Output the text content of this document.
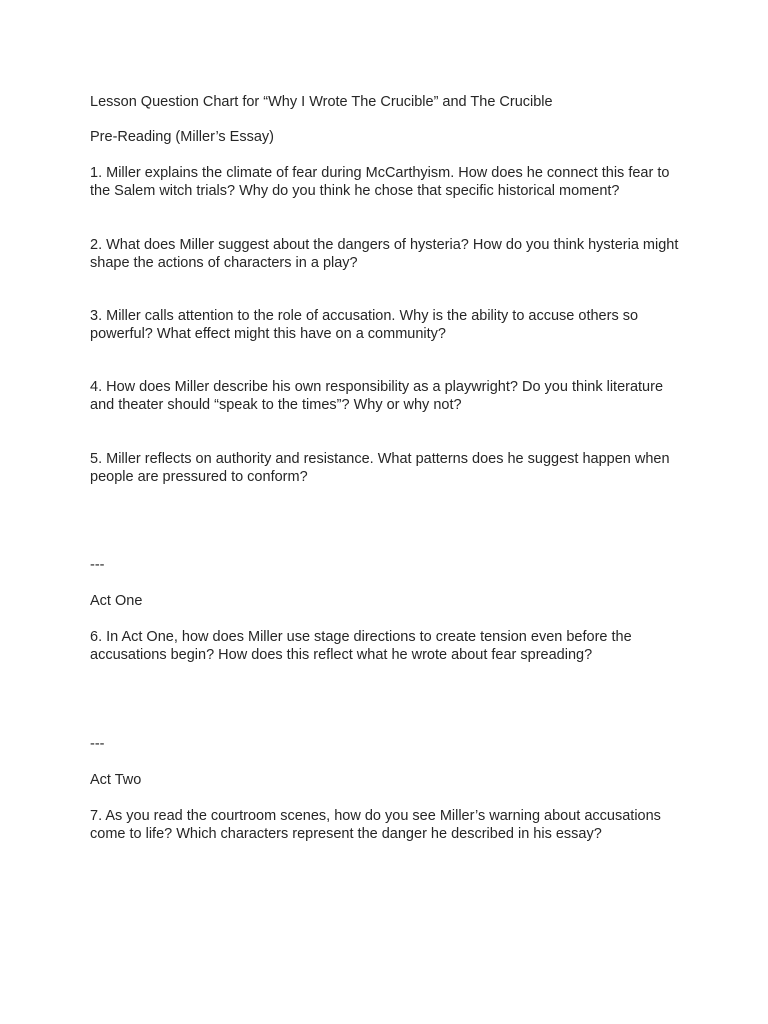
Lesson Question Chart for “Why I Wrote The Crucible” and The Crucible

Pre-Reading (Miller’s Essay)

1. Miller explains the climate of fear during McCarthyism. How does he connect this fear to the Salem witch trials? Why do you think he chose that specific historical moment?

2. What does Miller suggest about the dangers of hysteria? How do you think hysteria might shape the actions of characters in a play?

3. Miller calls attention to the role of accusation. Why is the ability to accuse others so powerful? What effect might this have on a community?

4. How does Miller describe his own responsibility as a playwright? Do you think literature and theater should “speak to the times”? Why or why not?

5. Miller reflects on authority and resistance. What patterns does he suggest happen when people are pressured to conform?

---

Act One

6. In Act One, how does Miller use stage directions to create tension even before the accusations begin? How does this reflect what he wrote about fear spreading?

---

Act Two

7. As you read the courtroom scenes, how do you see Miller’s warning about accusations come to life? Which characters represent the danger he described in his essay?
